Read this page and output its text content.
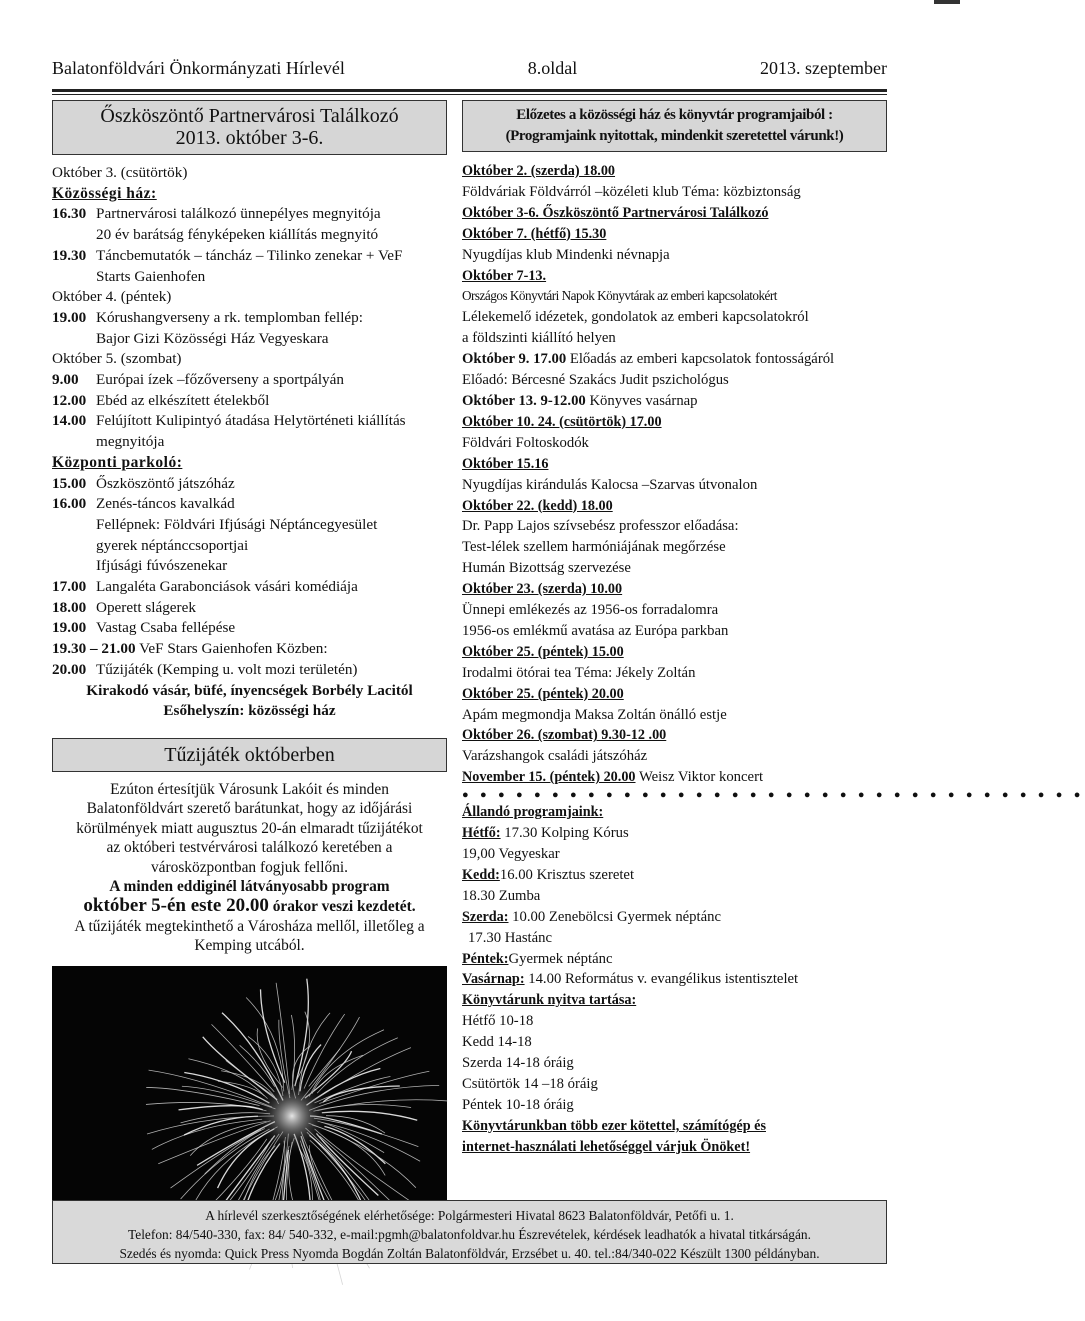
Balatonföldvári Önkormányzati Hírlevél	8.oldal	2013. szeptember
Őszköszöntő Partnervárosi Találkozó
2013. október 3-6.
Október 3. (csütörtök)
Közösségi ház:
16.30 Partnervárosi találkozó ünnepélyes megnyitója
20 év barátság fényképeken kiállítás megnyitó
19.30 Táncbemutatók – táncház – Tilinko zenekar + VeF
Starts Gaienhofen
Október 4. (péntek)
19.00 Kórushangverseny a rk. templomban fellép:
Bajor Gizi Közösségi Ház Vegyeskara
Október 5. (szombat)
9.00	Európai ízek –főzőverseny a sportpályán
12.00 Ebéd az elkészített ételekből
14.00 Felújított Kulipintyó átadása Helytörténeti kiállítás
megnyitója
Központi parkoló:
15.00 Őszköszöntő játszóház
16.00 Zenés-táncos kavalkád
Fellépnek: Földvári Ifjúsági Néptáncegyesület
gyerek néptánccsoportjai
Ifjúsági fúvószenekar
17.00 Langaléta Garabonciások vásári komédiája
18.00 Operett slágerek
19.00 Vastag Csaba fellépése
19.30 – 21.00 VeF Stars Gaienhofen Közben:
20.00 Tűzijáték (Kemping u. volt mozi területén)
Kirakodó vásár, büfé, ínyencségek Borbély Lacitól
Esőhelyszín: közösségi ház
Tűzijáték októberben
Ezúton értesítjük Városunk Lakóit és minden
Balatonföldvárt szerető barátunkat, hogy az időjárási
körülmények miatt augusztus 20-án elmaradt tűzijátékot
az októberi testvérvárosi találkozó keretében a
városközpontban fogjuk fellőni.
A minden eddiginél látványosabb program
október 5-én este 20.00 órakor veszi kezdetét.
A tűzijáték megtekinthető a Városháza mellől, illetőleg a
Kemping utcából.
Előzetes a közösségi ház és könyvtár programjaiból :
(Programjaink nyitottak, mindenkit szeretettel várunk!)
Október 2. (szerda) 18.00
Földváriak Földvárról –közéleti klub Téma: közbiztonság
Október 3-6. Őszköszöntő Partnervárosi Találkozó
Október 7. (hétfő) 15.30
Nyugdíjas klub Mindenki névnapja
Október 7-13.
Országos Könyvtári Napok Könyvtárak az emberi kapcsolatokért
Lélekemelő idézetek, gondolatok az emberi kapcsolatokról
a földszinti kiállító helyen
Október 9. 17.00 Előadás az emberi kapcsolatok fontosságáról
Előadó: Bércesné Szakács Judit pszichológus
Október 13. 9-12.00 Könyves vasárnap
Október 10. 24. (csütörtök) 17.00
Földvári Foltoskodók
Október 15.16
Nyugdíjas kirándulás Kalocsa –Szarvas útvonalon
Október 22. (kedd) 18.00
Dr. Papp Lajos szívsebész professzor előadása:
Test-lélek szellem harmóniájának megőrzése
Humán Bizottság szervezése
Október 23. (szerda) 10.00
Ünnepi emlékezés az 1956-os forradalomra
1956-os emlékmű avatása az Európa parkban
Október 25. (péntek) 15.00
Irodalmi ötórai tea Téma: Jékely Zoltán
Október 25. (péntek) 20.00
Apám megmondja Maksa Zoltán önálló estje
Október 26. (szombat) 9.30-12 .00
Varázshangok családi játszóház
November 15. (péntek) 20.00 Weisz Viktor koncert
● ● ● ● ● ● ● ● ● ● ● ● ● ● ● ● ● ● ● ● ● ● ● ● ● ● ● ● ● ● ● ● ● ● ●
Állandó programjaink:
Hétfő: 17.30 Kolping Kórus
19,00 Vegyeskar
Kedd:16.00 Krisztus szeretet
18.30 Zumba
Szerda: 10.00 Zenebölcsi Gyermek néptánc
17.30 Hastánc
Péntek:Gyermek néptánc
Vasárnap: 14.00 Református v. evangélikus istentisztelet
Könyvtárunk nyitva tartása:
Hétfő 10-18
Kedd 14-18
Szerda 14-18 óráig
Csütörtök 14 –18 óráig
Péntek 10-18 óráig
Könyvtárunkban több ezer kötettel, számítógép és
internet-használati lehetőséggel várjuk Önöket!
A hírlevél szerkesztőségének elérhetősége: Polgármesteri Hivatal 8623 Balatonföldvár, Petőfi u. 1.
Telefon: 84/540-330, fax: 84/ 540-332, e-mail:pgmh@balatonfoldvar.hu Észrevételek, kérdések leadhatók a hivatal titkárságán.
Szedés és nyomda: Quick Press Nyomda Bogdán Zoltán Balatonföldvár, Erzsébet u. 40. tel.:84/340-022 Készült 1300 példányban.
